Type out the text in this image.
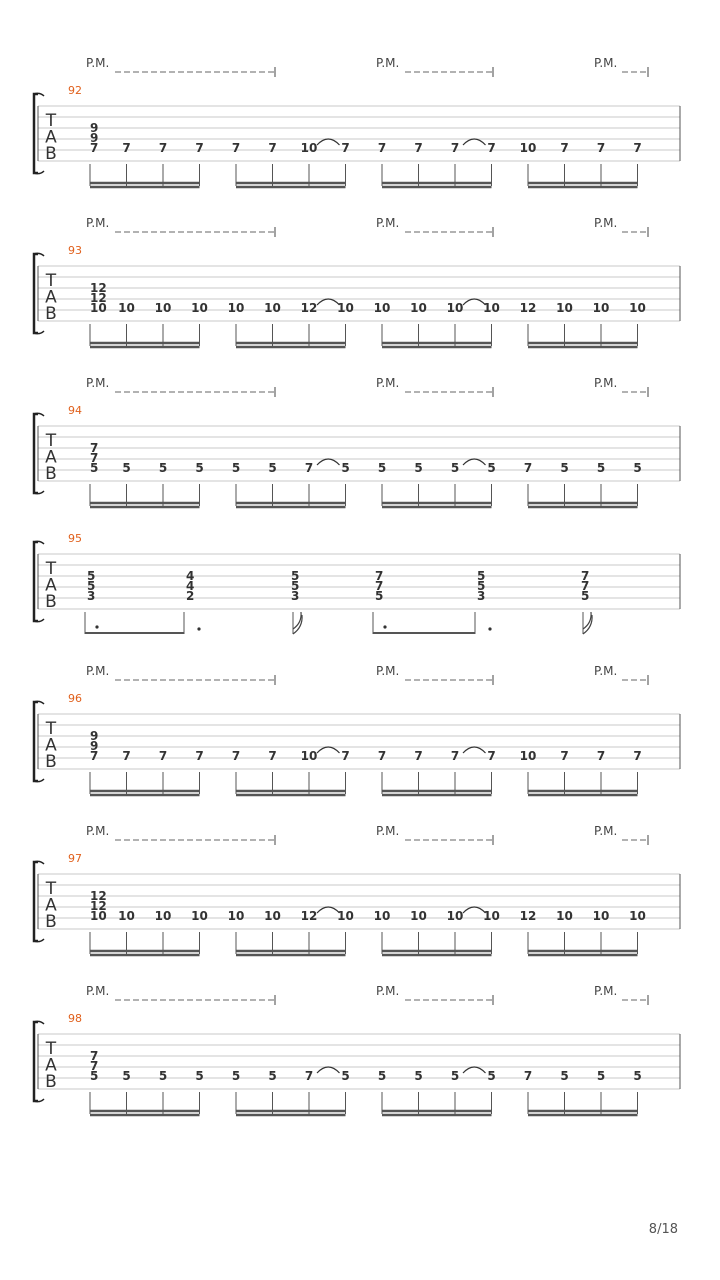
T
A
B
92
P.M.	P.M.	P.M.
9
9
7 7 7 7 7 7 10 7 7 7 7 7 10 7 7 7
T
A
B
93
P.M.	P.M.	P.M.
12
12
10 10 10 10 10 10 12 10 10 10 10 10 12 10 10 10
T
A
B
94
P.M.	P.M.	P.M.
7
7
5 5 5 5 5 5 7 5 5 5 5 5 7 5 5 5
T
A
B
95
5
5
3
4
4
2
5
5
3
7
7
5
5
5
3
7
7
5
T
A
B
96
P.M.	P.M.	P.M.
9
9
7 7 7 7 7 7 10 7 7 7 7 7 10 7 7 7
T
A
B
97
P.M.	P.M.	P.M.
12
12
10 10 10 10 10 10 12 10 10 10 10 10 12 10 10 10
T
A
B
98
P.M.	P.M.	P.M.
7
7
5 5 5 5 5 5 7 5 5 5 5 5 7 5 5 5
8/18
